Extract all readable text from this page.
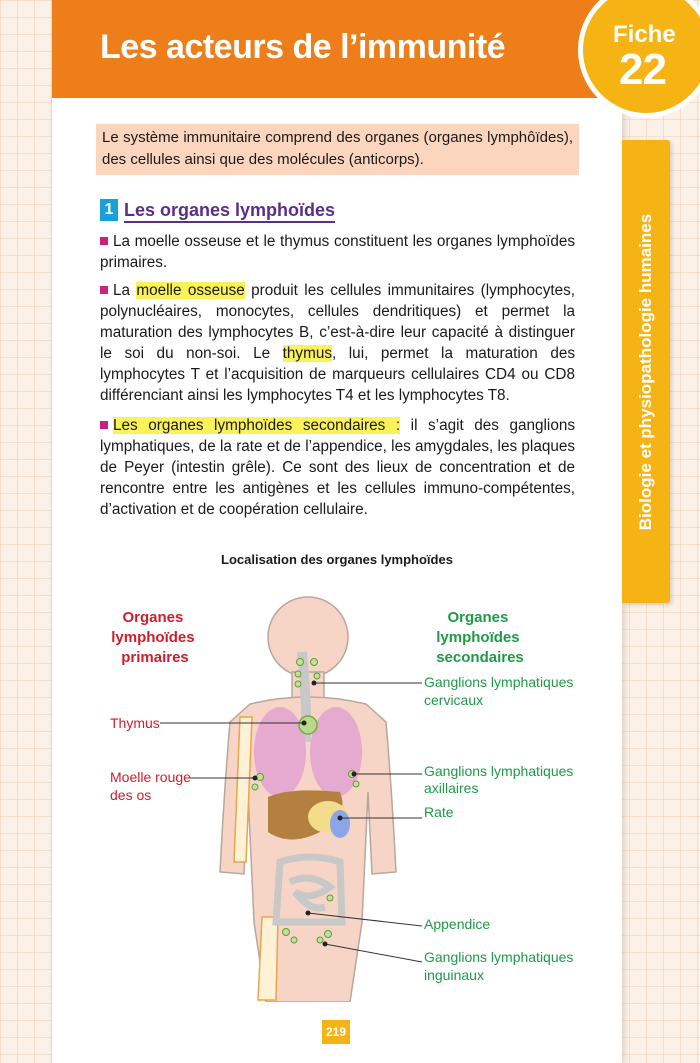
Les acteurs de l’immunité	Fiche
22
Biologie et physiopathologie humaines
Le système immunitaire comprend des organes (organes lymphôïdes), des cellules ainsi que des molécules (anticorps).
1 Les organes lymphoïdes

La moelle osseuse et le thymus constituent les organes lymphoïdes primaires.

La moelle osseuse produit les cellules immunitaires (lymphocytes, polynucléaires, monocytes, cellules dendritiques) et permet la maturation des lymphocytes B, c’est-à-dire leur capacité à distinguer le soi du non-soi. Le thymus, lui, permet la maturation des lymphocytes T et l’acquisition de marqueurs cellulaires CD4 ou CD8 différenciant ainsi les lymphocytes T4 et les lymphocytes T8.

Les organes lymphoïdes secondaires : il s’agit des ganglions lymphatiques, de la rate et de l’appendice, les amygdales, les plaques de Peyer (intestin grêle). Ce sont des lieux de concentration et de rencontre entre les antigènes et les cellules immuno-compétentes, d’activation et de coopération cellulaire.

Localisation des organes lymphoïdes
Organes lymphoïdes primaires
Organes lymphoïdes secondaires
Thymus
Moelle rouge des os
Ganglions lymphatiques cervicaux
Ganglions lymphatiques axillaires
Rate
Appendice
Ganglions lymphatiques inguinaux
219
